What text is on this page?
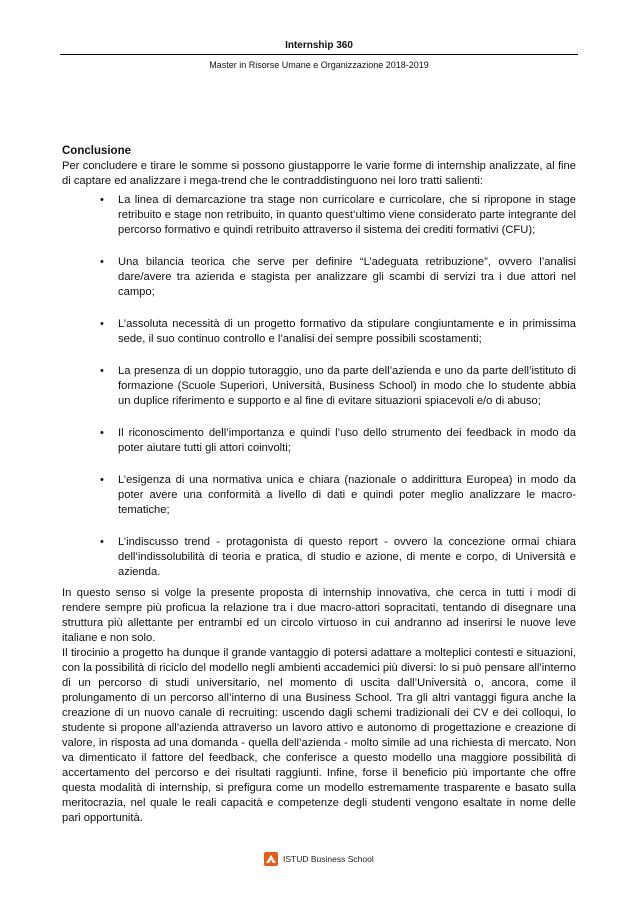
Internship 360
Master in Risorse Umane e Organizzazione 2018-2019
Conclusione

Per concludere e tirare le somme si possono giustapporre le varie forme di internship analizzate, al fine di captare ed analizzare i mega-trend che le contraddistinguono nei loro tratti salienti:

• La linea di demarcazione tra stage non curricolare e curricolare, che si ripropone in stage retribuito e stage non retribuito, in quanto quest’ultimo viene considerato parte integrante del percorso formativo e quindi retribuito attraverso il sistema dei crediti formativi (CFU);
• Una bilancia teorica che serve per definire “L’adeguata retribuzione”, ovvero l’analisi dare/avere tra azienda e stagista per analizzare gli scambi di servizi tra i due attori nel campo;
• L’assoluta necessità di un progetto formativo da stipulare congiuntamente e in primissima sede, il suo continuo controllo e l’analisi dei sempre possibili scostamenti;
• La presenza di un doppio tutoraggio, uno da parte dell’azienda e uno da parte dell’istituto di formazione (Scuole Superiori, Università, Business School) in modo che lo studente abbia un duplice riferimento e supporto e al fine di evitare situazioni spiacevoli e/o di abuso;
• Il riconoscimento dell’importanza e quindi l’uso dello strumento dei feedback in modo da poter aiutare tutti gli attori coinvolti;
• L’esigenza di una normativa unica e chiara (nazionale o addirittura Europea) in modo da poter avere una conformità a livello di dati e quindi poter meglio analizzare le macro-tematiche;
• L’indiscusso trend - protagonista di questo report - ovvero la concezione ormai chiara dell’indissolubilità di teoria e pratica, di studio e azione, di mente e corpo, di Università e azienda.

In questo senso si volge la presente proposta di internship innovativa, che cerca in tutti i modi di rendere sempre più proficua la relazione tra i due macro-attori sopracitati, tentando di disegnare una struttura più allettante per entrambi ed un circolo virtuoso in cui andranno ad inserirsi le nuove leve italiane e non solo.

Il tirocinio a progetto ha dunque il grande vantaggio di potersi adattare a molteplici contesti e situazioni, con la possibilità di riciclo del modello negli ambienti accademici più diversi: lo si può pensare all’interno di un percorso di studi universitario, nel momento di uscita dall’Università o, ancora, come il prolungamento di un percorso all’interno di una Business School. Tra gli altri vantaggi figura anche la creazione di un nuovo canale di recruiting: uscendo dagli schemi tradizionali dei CV e dei colloqui, lo studente si propone all’azienda attraverso un lavoro attivo e autonomo di progettazione e creazione di valore, in risposta ad una domanda - quella dell’azienda - molto simile ad una richiesta di mercato. Non va dimenticato il fattore del feedback, che conferisce a questo modello una maggiore possibilità di accertamento del percorso e dei risultati raggiunti. Infine, forse il beneficio più importante che offre questa modalità di internship, si prefigura come un modello estremamente trasparente e basato sulla meritocrazia, nel quale le reali capacità e competenze degli studenti vengono esaltate in nome delle pari opportunità.

ISTUD Business School
